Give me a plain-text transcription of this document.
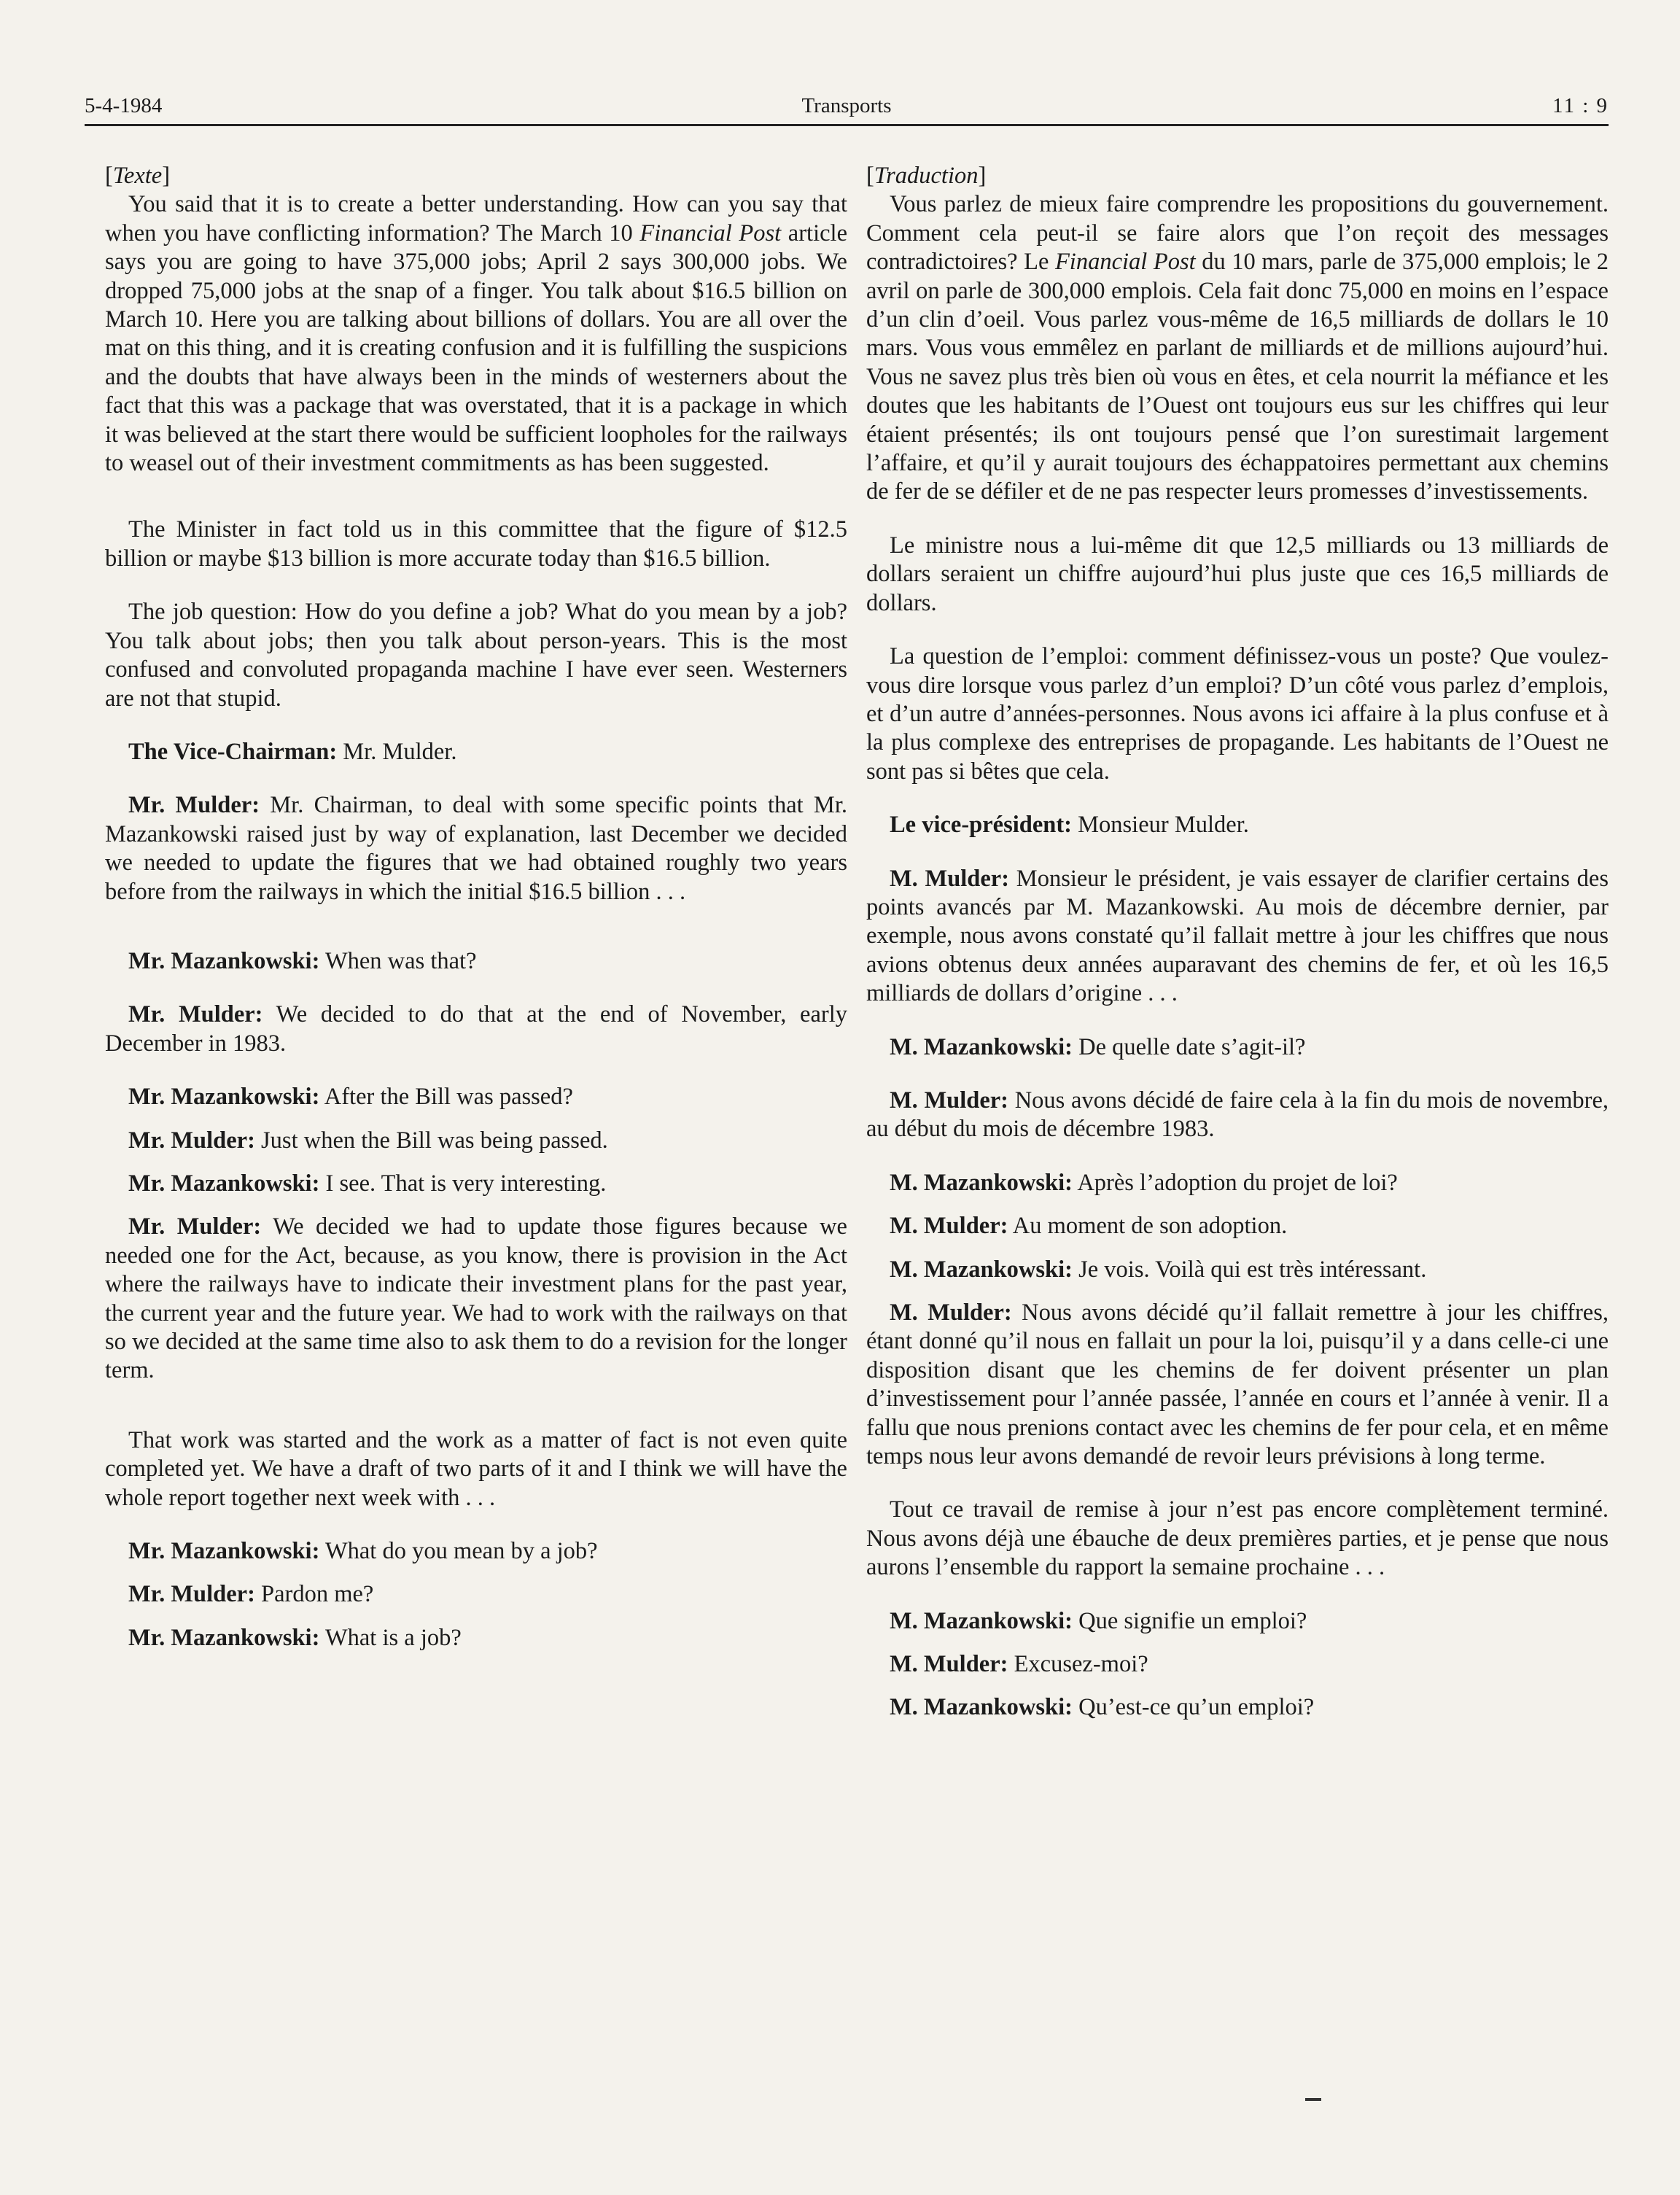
5-4-1984	Transports	11 : 9

[Texte]

You said that it is to create a better understanding. How can you say that when you have conflicting information? The March 10 Financial Post article says you are going to have 375,000 jobs; April 2 says 300,000 jobs. We dropped 75,000 jobs at the snap of a finger. You talk about $16.5 billion on March 10. Here you are talking about billions of dollars. You are all over the mat on this thing, and it is creating confusion and it is fulfilling the suspicions and the doubts that have always been in the minds of westerners about the fact that this was a package that was overstated, that it is a package in which it was believed at the start there would be sufficient loopholes for the railways to weasel out of their investment commitments as has been suggested.

The Minister in fact told us in this committee that the figure of $12.5 billion or maybe $13 billion is more accurate today than $16.5 billion.

The job question: How do you define a job? What do you mean by a job? You talk about jobs; then you talk about person-years. This is the most confused and convoluted propaganda machine I have ever seen. Westerners are not that stupid.

The Vice-Chairman: Mr. Mulder.

Mr. Mulder: Mr. Chairman, to deal with some specific points that Mr. Mazankowski raised just by way of explanation, last December we decided we needed to update the figures that we had obtained roughly two years before from the railways in which the initial $16.5 billion . . .

Mr. Mazankowski: When was that?

Mr. Mulder: We decided to do that at the end of November, early December in 1983.

Mr. Mazankowski: After the Bill was passed?

Mr. Mulder: Just when the Bill was being passed.

Mr. Mazankowski: I see. That is very interesting.

Mr. Mulder: We decided we had to update those figures because we needed one for the Act, because, as you know, there is provision in the Act where the railways have to indicate their investment plans for the past year, the current year and the future year. We had to work with the railways on that so we decided at the same time also to ask them to do a revision for the longer term.

That work was started and the work as a matter of fact is not even quite completed yet. We have a draft of two parts of it and I think we will have the whole report together next week with . . .

Mr. Mazankowski: What do you mean by a job?

Mr. Mulder: Pardon me?

Mr. Mazankowski: What is a job?

[Traduction]

Vous parlez de mieux faire comprendre les propositions du gouvernement. Comment cela peut-il se faire alors que l’on reçoit des messages contradictoires? Le Financial Post du 10 mars, parle de 375,000 emplois; le 2 avril on parle de 300,000 emplois. Cela fait donc 75,000 en moins en l’espace d’un clin d’oeil. Vous parlez vous-même de 16,5 milliards de dollars le 10 mars. Vous vous emmêlez en parlant de milliards et de millions aujourd’hui. Vous ne savez plus très bien où vous en êtes, et cela nourrit la méfiance et les doutes que les habitants de l’Ouest ont toujours eus sur les chiffres qui leur étaient présentés; ils ont toujours pensé que l’on surestimait largement l’affaire, et qu’il y aurait toujours des échappatoires permettant aux chemins de fer de se défiler et de ne pas respecter leurs promesses d’investissements.

Le ministre nous a lui-même dit que 12,5 milliards ou 13 milliards de dollars seraient un chiffre aujourd’hui plus juste que ces 16,5 milliards de dollars.

La question de l’emploi: comment définissez-vous un poste? Que voulez-vous dire lorsque vous parlez d’un emploi? D’un côté vous parlez d’emplois, et d’un autre d’années-personnes. Nous avons ici affaire à la plus confuse et à la plus complexe des entreprises de propagande. Les habitants de l’Ouest ne sont pas si bêtes que cela.

Le vice-président: Monsieur Mulder.

M. Mulder: Monsieur le président, je vais essayer de clarifier certains des points avancés par M. Mazankowski. Au mois de décembre dernier, par exemple, nous avons constaté qu’il fallait mettre à jour les chiffres que nous avions obtenus deux années auparavant des chemins de fer, et où les 16,5 milliards de dollars d’origine . . .

M. Mazankowski: De quelle date s’agit-il?

M. Mulder: Nous avons décidé de faire cela à la fin du mois de novembre, au début du mois de décembre 1983.

M. Mazankowski: Après l’adoption du projet de loi?

M. Mulder: Au moment de son adoption.

M. Mazankowski: Je vois. Voilà qui est très intéressant.

M. Mulder: Nous avons décidé qu’il fallait remettre à jour les chiffres, étant donné qu’il nous en fallait un pour la loi, puisqu’il y a dans celle-ci une disposition disant que les chemins de fer doivent présenter un plan d’investissement pour l’année passée, l’année en cours et l’année à venir. Il a fallu que nous prenions contact avec les chemins de fer pour cela, et en même temps nous leur avons demandé de revoir leurs prévisions à long terme.

Tout ce travail de remise à jour n’est pas encore complètement terminé. Nous avons déjà une ébauche de deux premières parties, et je pense que nous aurons l’ensemble du rapport la semaine prochaine . . .

M. Mazankowski: Que signifie un emploi?

M. Mulder: Excusez-moi?

M. Mazankowski: Qu’est-ce qu’un emploi?
